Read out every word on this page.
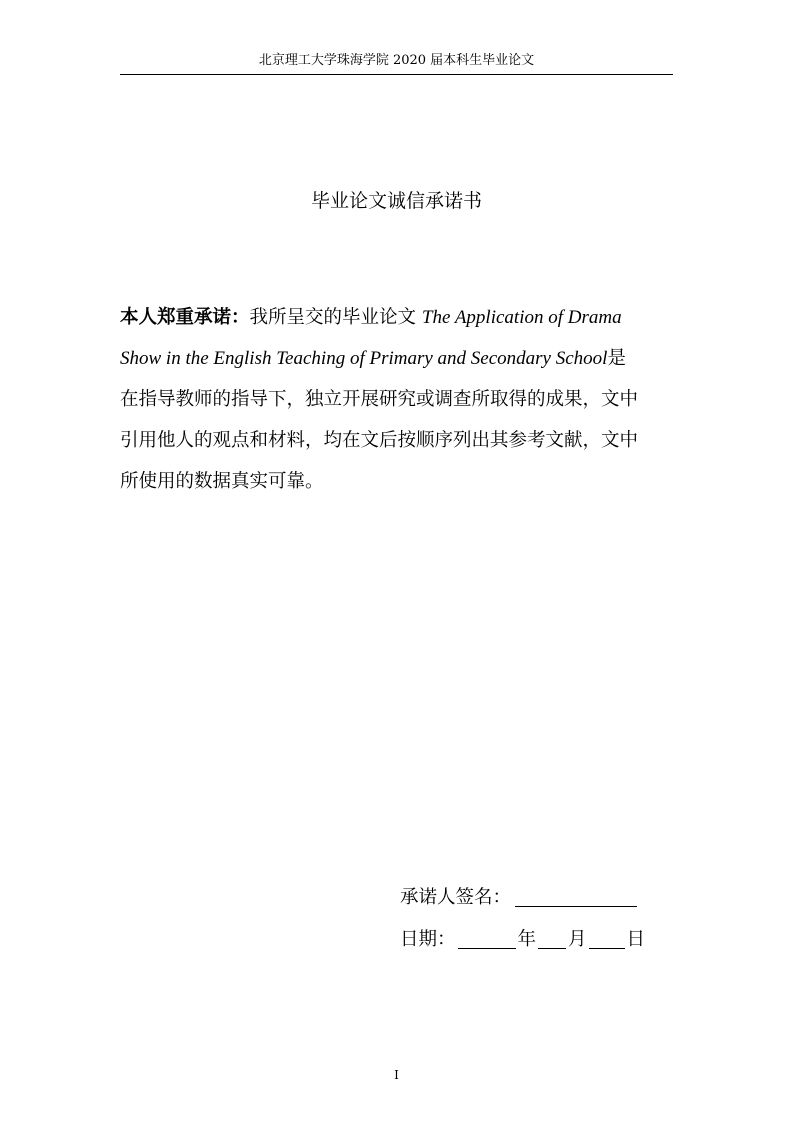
北京理工大学珠海学院 2020 届本科生毕业论文
毕业论文诚信承诺书
本人郑重承诺：我所呈交的毕业论文 The Application of Drama Show in the English Teaching of Primary and Secondary School是在指导教师的指导下，独立开展研究或调查所取得的成果，文中引用他人的观点和材料，均在文后按顺序列出其参考文献，文中所使用的数据真实可靠。
承诺人签名：
日期：	年 月 日
I
